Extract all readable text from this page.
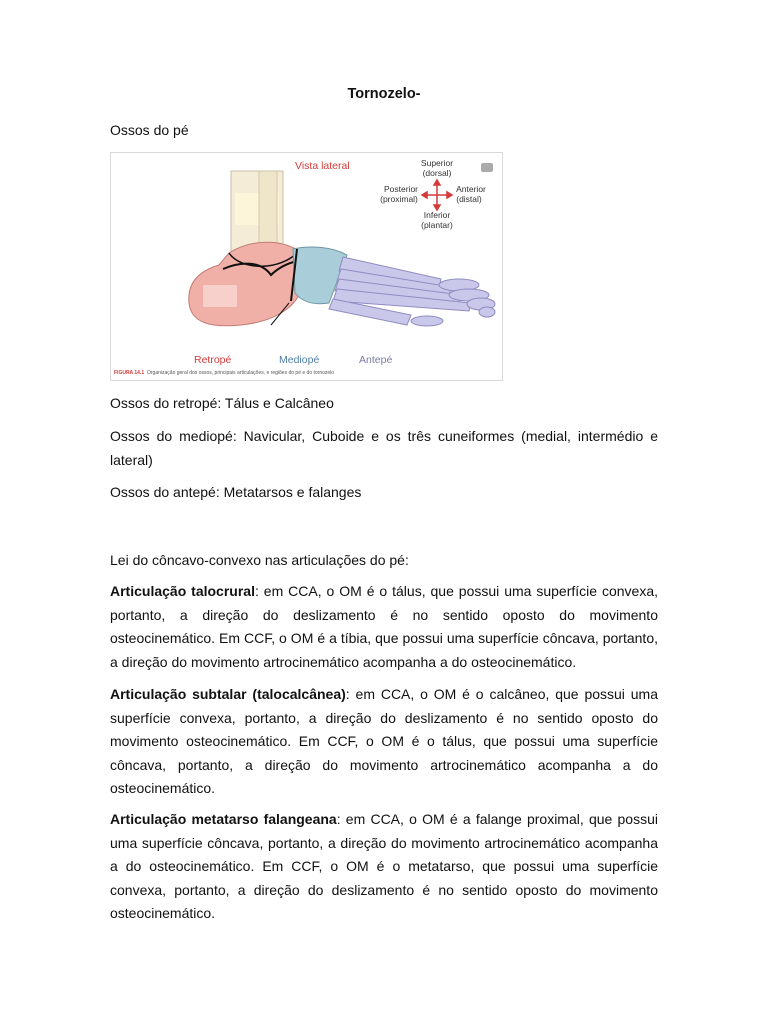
Tornozelo-
Ossos do pé
Vista lateral	Superior
(dorsal)
Posterior
(proximal)
Anterior
(distal)
Inferior
(plantar)
Retropé	Mediopé	Antepé
FIGURA 14.1 Organização geral dos ossos, principais articulações, e regiões do pé e do tornozelo
Ossos do retropé: Tálus e Calcâneo
Ossos do mediopé: Navicular, Cuboide e os três cuneiformes (medial, intermédio e lateral)
Ossos do antepé: Metatarsos e falanges
Lei do côncavo-convexo nas articulações do pé:
Articulação talocrural: em CCA, o OM é o tálus, que possui uma superfície convexa, portanto, a direção do deslizamento é no sentido oposto do movimento osteocinemático. Em CCF, o OM é a tíbia, que possui uma superfície côncava, portanto, a direção do movimento artrocinemático acompanha a do osteocinemático.
Articulação subtalar (talocalcânea): em CCA, o OM é o calcâneo, que possui uma superfície convexa, portanto, a direção do deslizamento é no sentido oposto do movimento osteocinemático. Em CCF, o OM é o tálus, que possui uma superfície côncava, portanto, a direção do movimento artrocinemático acompanha a do osteocinemático.
Articulação metatarso falangeana: em CCA, o OM é a falange proximal, que possui uma superfície côncava, portanto, a direção do movimento artrocinemático acompanha a do osteocinemático. Em CCF, o OM é o metatarso, que possui uma superfície convexa, portanto, a direção do deslizamento é no sentido oposto do movimento osteocinemático.
